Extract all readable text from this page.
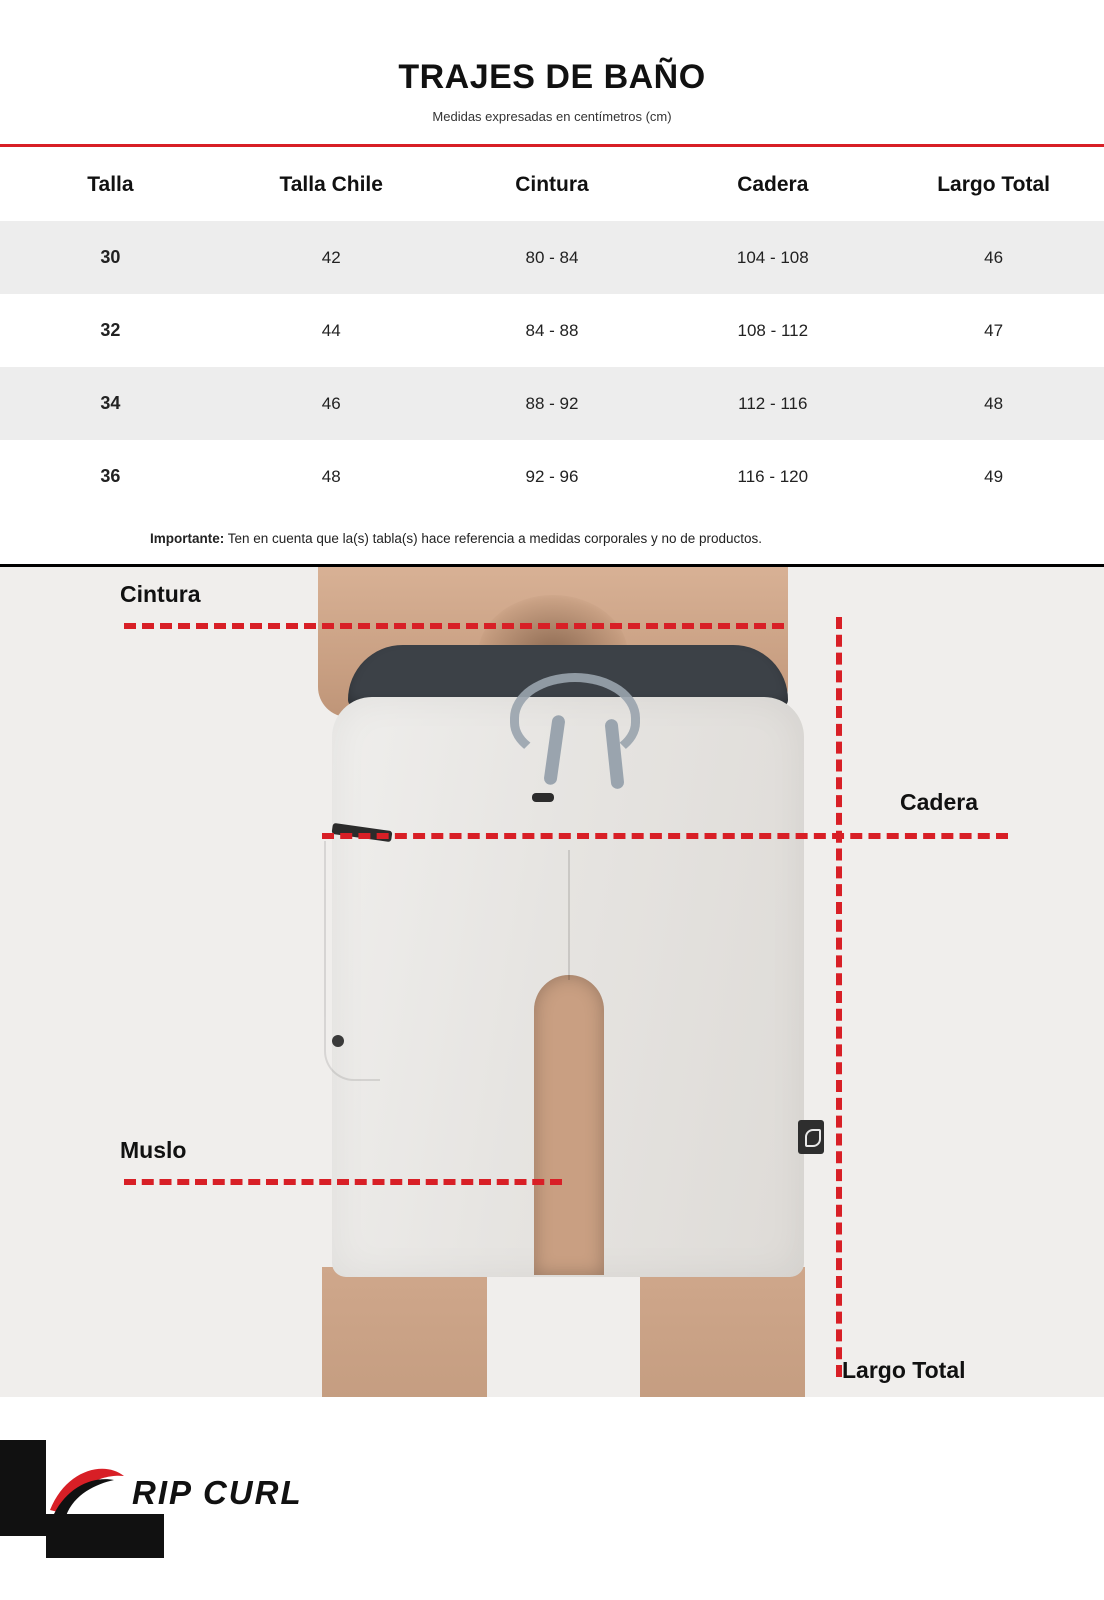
TRAJES DE BAÑO
Medidas expresadas en centímetros (cm)
Talla	Talla Chile	Cintura	Cadera	Largo Total
30	42	80 - 84	104 - 108	46
32	44	84 - 88	108 - 112	47
34	46	88 - 92	112 - 116	48
36	48	92 - 96	116 - 120	49
Importante: Ten en cuenta que la(s) tabla(s) hace referencia a medidas corporales y no de productos.
Cintura
Cadera
Muslo
Largo Total
RIP CURL
